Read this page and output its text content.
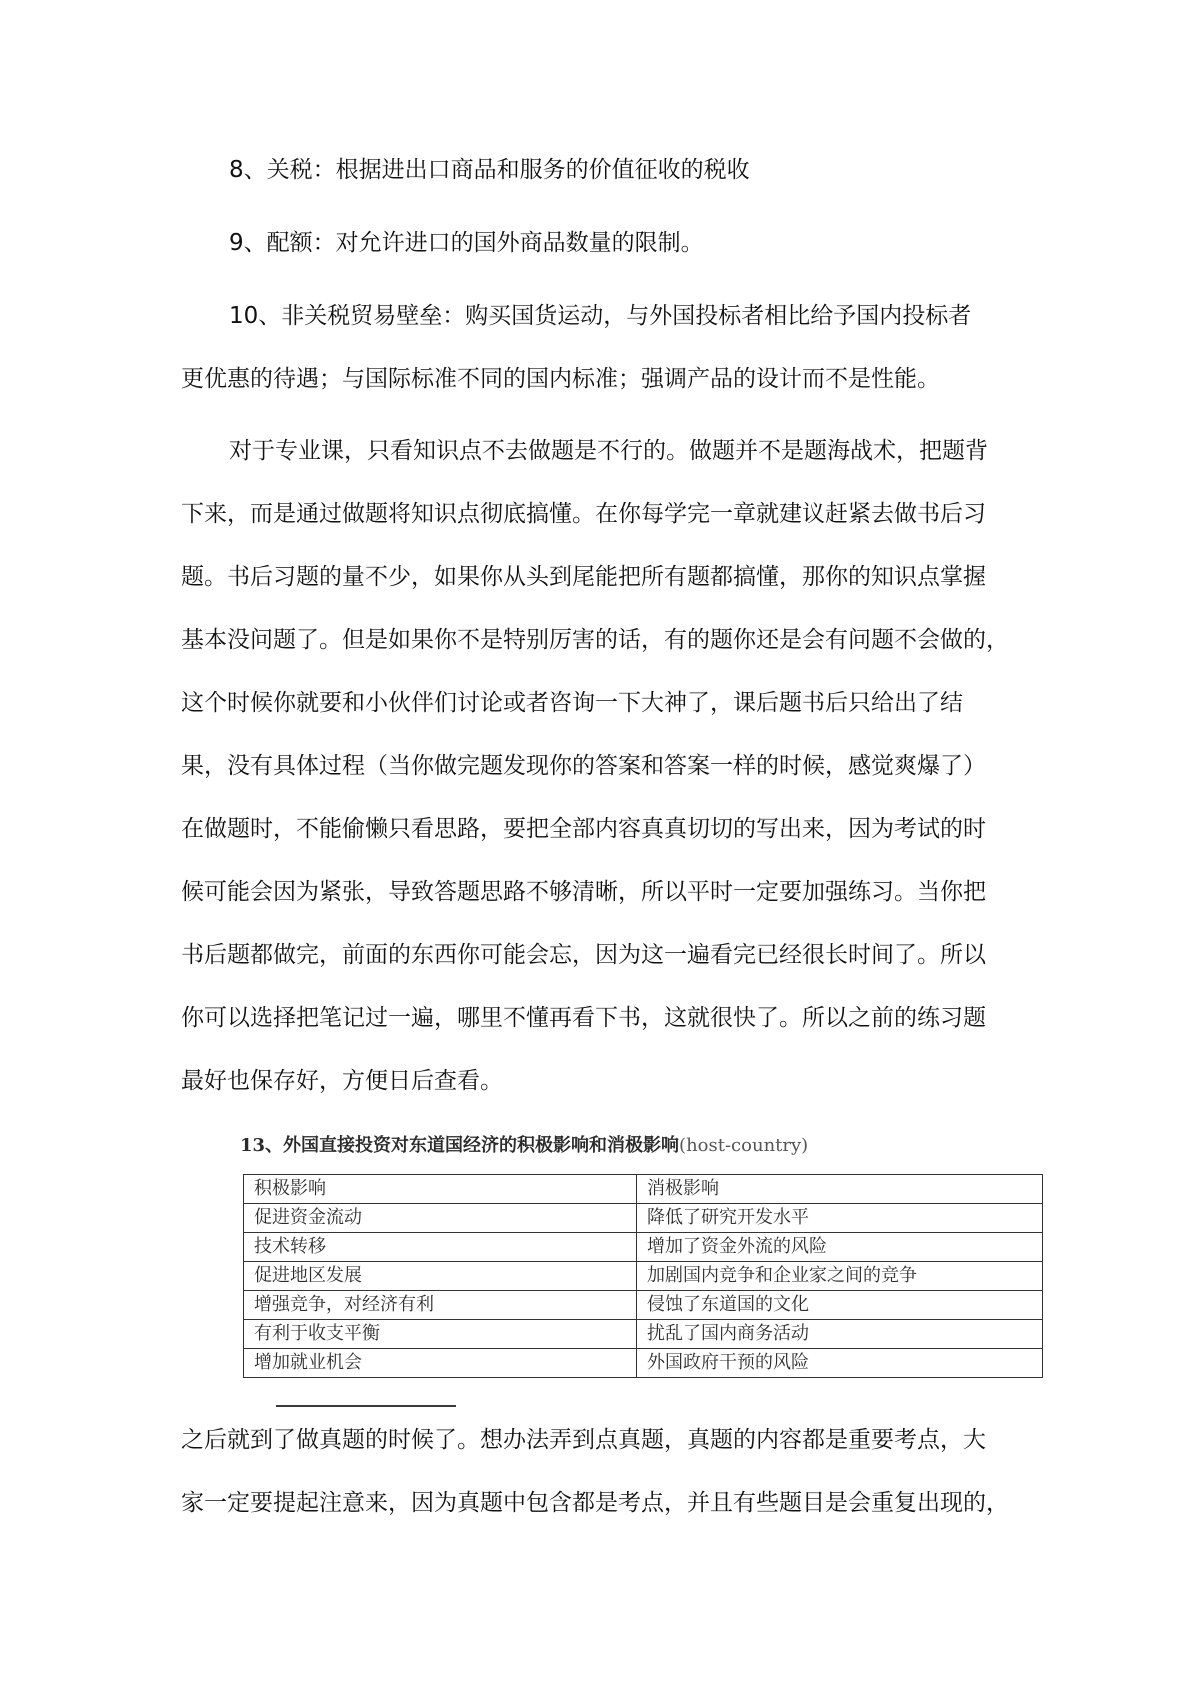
8、关税：根据进出口商品和服务的价值征收的税收
9、配额：对允许进口的国外商品数量的限制。
10、非关税贸易壁垒：购买国货运动，与外国投标者相比给予国内投标者
更优惠的待遇；与国际标准不同的国内标准；强调产品的设计而不是性能。
对于专业课，只看知识点不去做题是不行的。做题并不是题海战术，把题背
下来，而是通过做题将知识点彻底搞懂。在你每学完一章就建议赶紧去做书后习
题。书后习题的量不少，如果你从头到尾能把所有题都搞懂，那你的知识点掌握
基本没问题了。但是如果你不是特别厉害的话，有的题你还是会有问题不会做的，
这个时候你就要和小伙伴们讨论或者咨询一下大神了，课后题书后只给出了结
果，没有具体过程（当你做完题发现你的答案和答案一样的时候，感觉爽爆了）
在做题时，不能偷懒只看思路，要把全部内容真真切切的写出来，因为考试的时
候可能会因为紧张，导致答题思路不够清晰，所以平时一定要加强练习。当你把
书后题都做完，前面的东西你可能会忘，因为这一遍看完已经很长时间了。所以
你可以选择把笔记过一遍，哪里不懂再看下书，这就很快了。所以之前的练习题
最好也保存好，方便日后查看。
13、外国直接投资对东道国经济的积极影响和消极影响(host-country)
积极影响	消极影响
促进资金流动	降低了研究开发水平
技术转移	增加了资金外流的风险
促进地区发展	加剧国内竞争和企业家之间的竞争
增强竞争，对经济有利	侵蚀了东道国的文化
有利于收支平衡	扰乱了国内商务活动
增加就业机会	外国政府干预的风险
之后就到了做真题的时候了。想办法弄到点真题，真题的内容都是重要考点，大
家一定要提起注意来，因为真题中包含都是考点，并且有些题目是会重复出现的，
